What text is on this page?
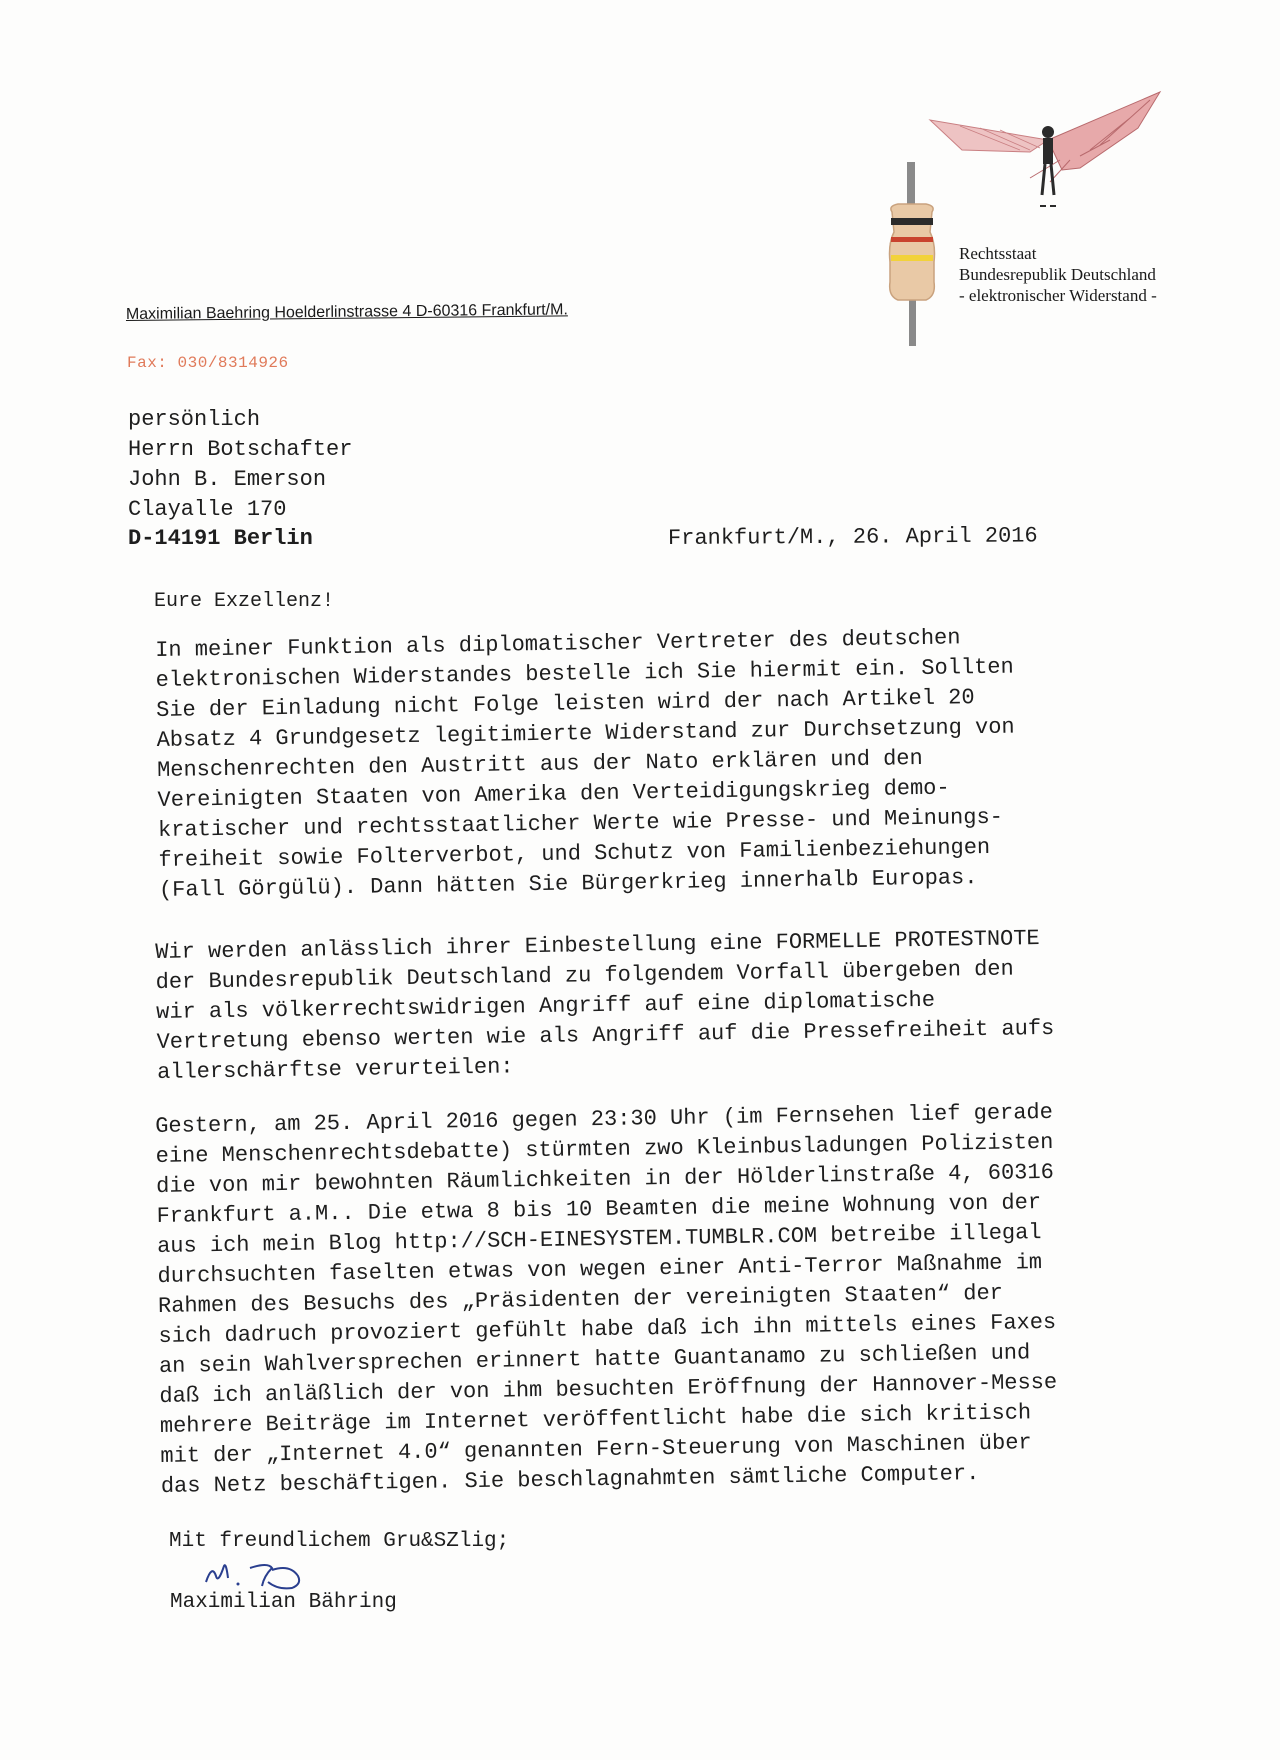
Rechtsstaat
Bundesrepublik Deutschland
- elektronischer Widerstand -
Maximilian Baehring Hoelderlinstrasse 4 D-60316 Frankfurt/M.
Fax: 030/8314926
persönlich
Herrn Botschafter
John B. Emerson
Clayalle 170
D-14191 Berlin	Frankfurt/M., 26. April 2016
Eure Exzellenz!
In meiner Funktion als diplomatischer Vertreter des deutschen
elektronischen Widerstandes bestelle ich Sie hiermit ein. Sollten
Sie der Einladung nicht Folge leisten wird der nach Artikel 20
Absatz 4 Grundgesetz legitimierte Widerstand zur Durchsetzung von
Menschenrechten den Austritt aus der Nato erklären und den
Vereinigten Staaten von Amerika den Verteidigungskrieg demo-
kratischer und rechtsstaatlicher Werte wie Presse- und Meinungs-
freiheit sowie Folterverbot, und Schutz von Familienbeziehungen
(Fall Görgülü). Dann hätten Sie Bürgerkrieg innerhalb Europas.
Wir werden anlässlich ihrer Einbestellung eine FORMELLE PROTESTNOTE
der Bundesrepublik Deutschland zu folgendem Vorfall übergeben den
wir als völkerrechtswidrigen Angriff auf eine diplomatische
Vertretung ebenso werten wie als Angriff auf die Pressefreiheit aufs
allerschärftse verurteilen:
Gestern, am 25. April 2016 gegen 23:30 Uhr (im Fernsehen lief gerade
eine Menschenrechtsdebatte) stürmten zwo Kleinbusladungen Polizisten
die von mir bewohnten Räumlichkeiten in der Hölderlinstraße 4, 60316
Frankfurt a.M.. Die etwa 8 bis 10 Beamten die meine Wohnung von der
aus ich mein Blog http://SCH-EINESYSTEM.TUMBLR.COM betreibe illegal
durchsuchten faselten etwas von wegen einer Anti-Terror Maßnahme im
Rahmen des Besuchs des „Präsidenten der vereinigten Staaten“ der
sich dadruch provoziert gefühlt habe daß ich ihn mittels eines Faxes
an sein Wahlversprechen erinnert hatte Guantanamo zu schließen und
daß ich anläßlich der von ihm besuchten Eröffnung der Hannover-Messe
mehrere Beiträge im Internet veröffentlicht habe die sich kritisch
mit der „Internet 4.0“ genannten Fern-Steuerung von Maschinen über
das Netz beschäftigen. Sie beschlagnahmten sämtliche Computer.
Mit freundlichem Gru&SZlig;
Maximilian Bähring
